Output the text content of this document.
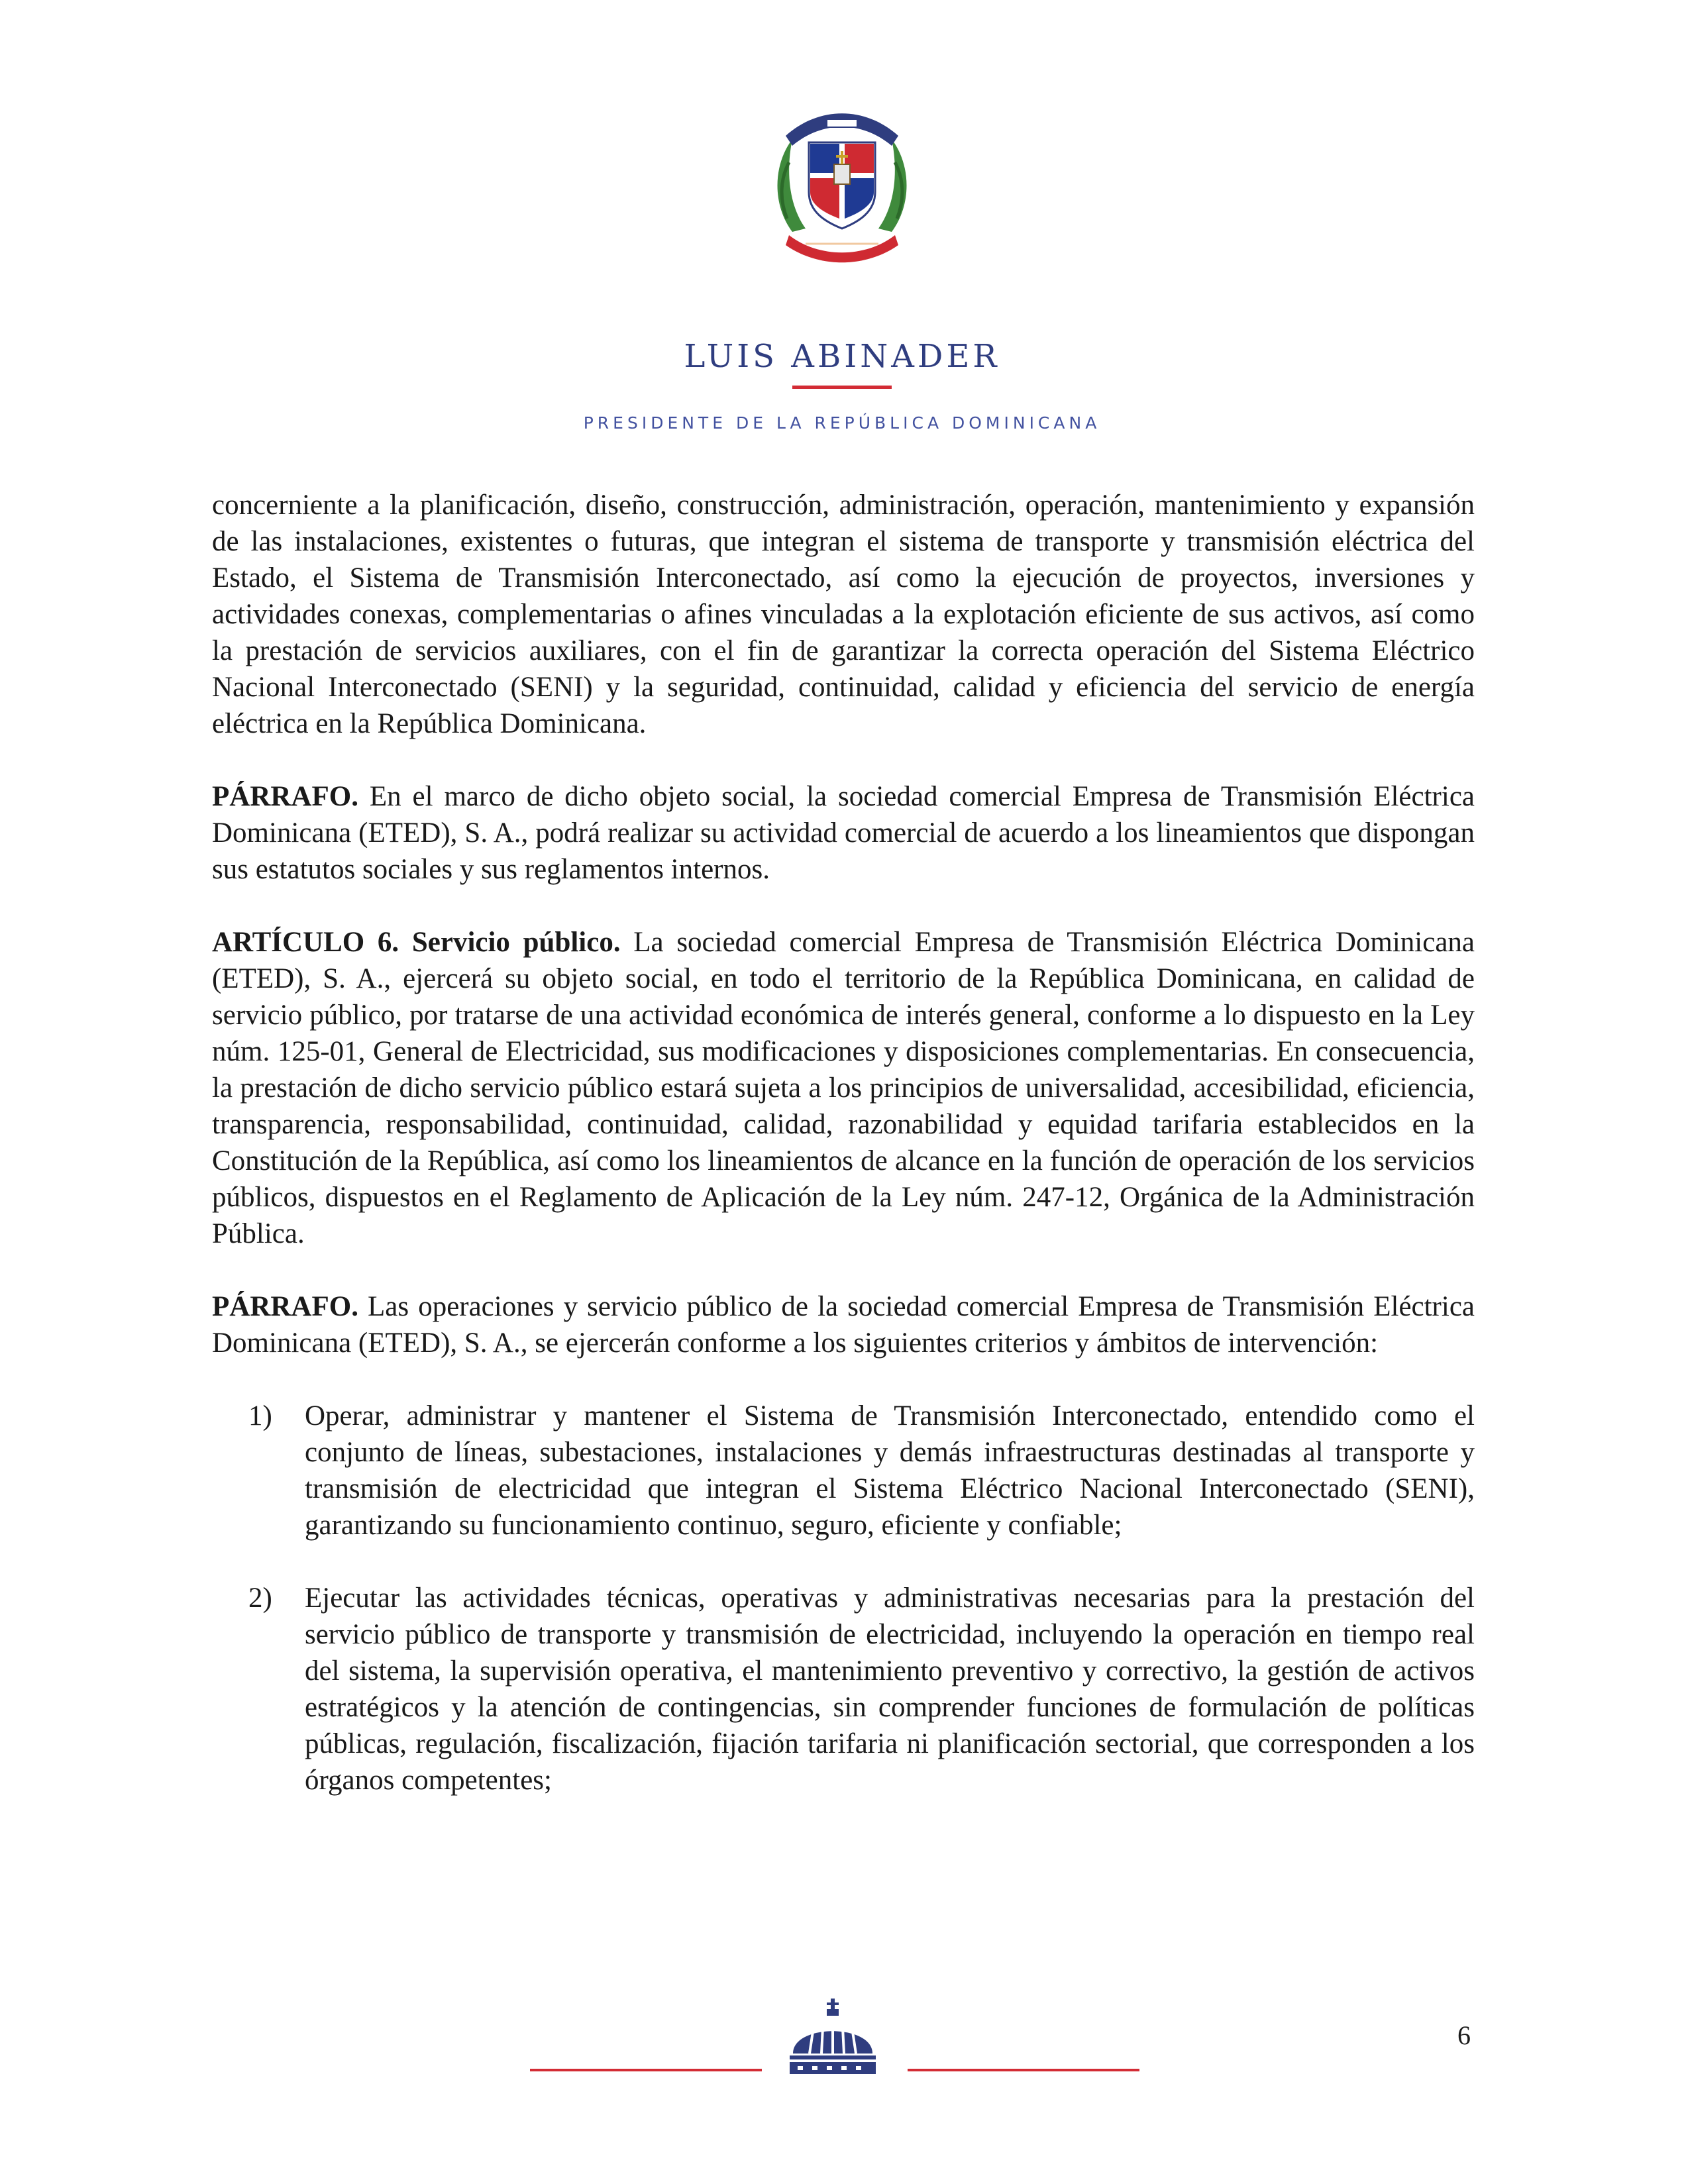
LUIS ABINADER
PRESIDENTE DE LA REPÚBLICA DOMINICANA

concerniente a la planificación, diseño, construcción, administración, operación, mantenimiento y expansión de las instalaciones, existentes o futuras, que integran el sistema de transporte y transmisión eléctrica del Estado, el Sistema de Transmisión Interconectado, así como la ejecución de proyectos, inversiones y actividades conexas, complementarias o afines vinculadas a la explotación eficiente de sus activos, así como la prestación de servicios auxiliares, con el fin de garantizar la correcta operación del Sistema Eléctrico Nacional Interconectado (SENI) y la seguridad, continuidad, calidad y eficiencia del servicio de energía eléctrica en la República Dominicana.

PÁRRAFO. En el marco de dicho objeto social, la sociedad comercial Empresa de Transmisión Eléctrica Dominicana (ETED), S. A., podrá realizar su actividad comercial de acuerdo a los lineamientos que dispongan sus estatutos sociales y sus reglamentos internos.

ARTÍCULO 6. Servicio público. La sociedad comercial Empresa de Transmisión Eléctrica Dominicana (ETED), S. A., ejercerá su objeto social, en todo el territorio de la República Dominicana, en calidad de servicio público, por tratarse de una actividad económica de interés general, conforme a lo dispuesto en la Ley núm. 125-01, General de Electricidad, sus modificaciones y disposiciones complementarias. En consecuencia, la prestación de dicho servicio público estará sujeta a los principios de universalidad, accesibilidad, eficiencia, transparencia, responsabilidad, continuidad, calidad, razonabilidad y equidad tarifaria establecidos en la Constitución de la República, así como los lineamientos de alcance en la función de operación de los servicios públicos, dispuestos en el Reglamento de Aplicación de la Ley núm. 247-12, Orgánica de la Administración Pública.

PÁRRAFO. Las operaciones y servicio público de la sociedad comercial Empresa de Transmisión Eléctrica Dominicana (ETED), S. A., se ejercerán conforme a los siguientes criterios y ámbitos de intervención:

1)	Operar, administrar y mantener el Sistema de Transmisión Interconectado, entendido como el conjunto de líneas, subestaciones, instalaciones y demás infraestructuras destinadas al transporte y transmisión de electricidad que integran el Sistema Eléctrico Nacional Interconectado (SENI), garantizando su funcionamiento continuo, seguro, eficiente y confiable;
2)	Ejecutar las actividades técnicas, operativas y administrativas necesarias para la prestación del servicio público de transporte y transmisión de electricidad, incluyendo la operación en tiempo real del sistema, la supervisión operativa, el mantenimiento preventivo y correctivo, la gestión de activos estratégicos y la atención de contingencias, sin comprender funciones de formulación de políticas públicas, regulación, fiscalización, fijación tarifaria ni planificación sectorial, que corresponden a los órganos competentes;
6
